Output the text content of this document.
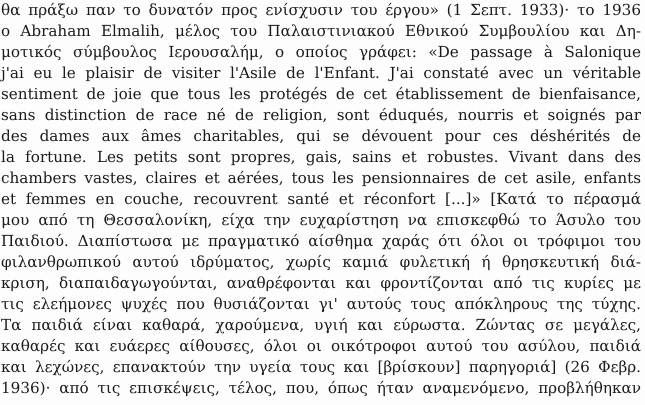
θα πράξω παν το δυνατόν προς ενίσχυσιν του έργου» (1 Σεπτ. 1933)· το 1936
ο Abraham Elmalih, μέλος του Παλαιστινιακού Εθνικού Συμβουλίου και Δη-
μοτικός σύμβουλος Ιερουσαλήμ, ο οποίος γράφει: «De passage à Salonique
j'ai eu le plaisir de visiter l'Asile de l'Enfant. J'ai constaté avec un véritable
sentiment de joie que tous les protégés de cet établissement de bienfaisance,
sans distinction de race né de religion, sont éduqués, nourris et soignés par
des dames aux âmes charitables, qui se dévouent pour ces déshérités de
la fortune. Les petits sont propres, gais, sains et robustes. Vivant dans des
chambers vastes, claires et aérées, tous les pensionnaires de cet asile, enfants
et femmes en couche, recouvrent santé et réconfort [...]» [Κατά το πέρασμά
μου από τη Θεσσαλονίκη, είχα την ευχαρίστηση να επισκεφθώ το Άσυλο του
Παιδιού. Διαπίστωσα με πραγματικό αίσθημα χαράς ότι όλοι οι τρόφιμοι του
φιλανθρωπικού αυτού ιδρύματος, χωρίς καμιά φυλετική ή θρησκευτική διά-
κριση, διαπαιδαγωγούνται, αναθρέφονται και φροντίζονται από τις κυρίες με
τις ελεήμονες ψυχές που θυσιάζονται γι' αυτούς τους απόκληρους της τύχης.
Τα παιδιά είναι καθαρά, χαρούμενα, υγιή και εύρωστα. Ζώντας σε μεγάλες,
καθαρές και ευάερες αίθουσες, όλοι οι οικότροφοι αυτού του ασύλου, παιδιά
και λεχώνες, επανακτούν την υγεία τους και [βρίσκουν] παρηγοριά] (26 Φεβρ.
1936)· από τις επισκέψεις, τέλος, που, όπως ήταν αναμενόμενο, προβλήθηκαν
